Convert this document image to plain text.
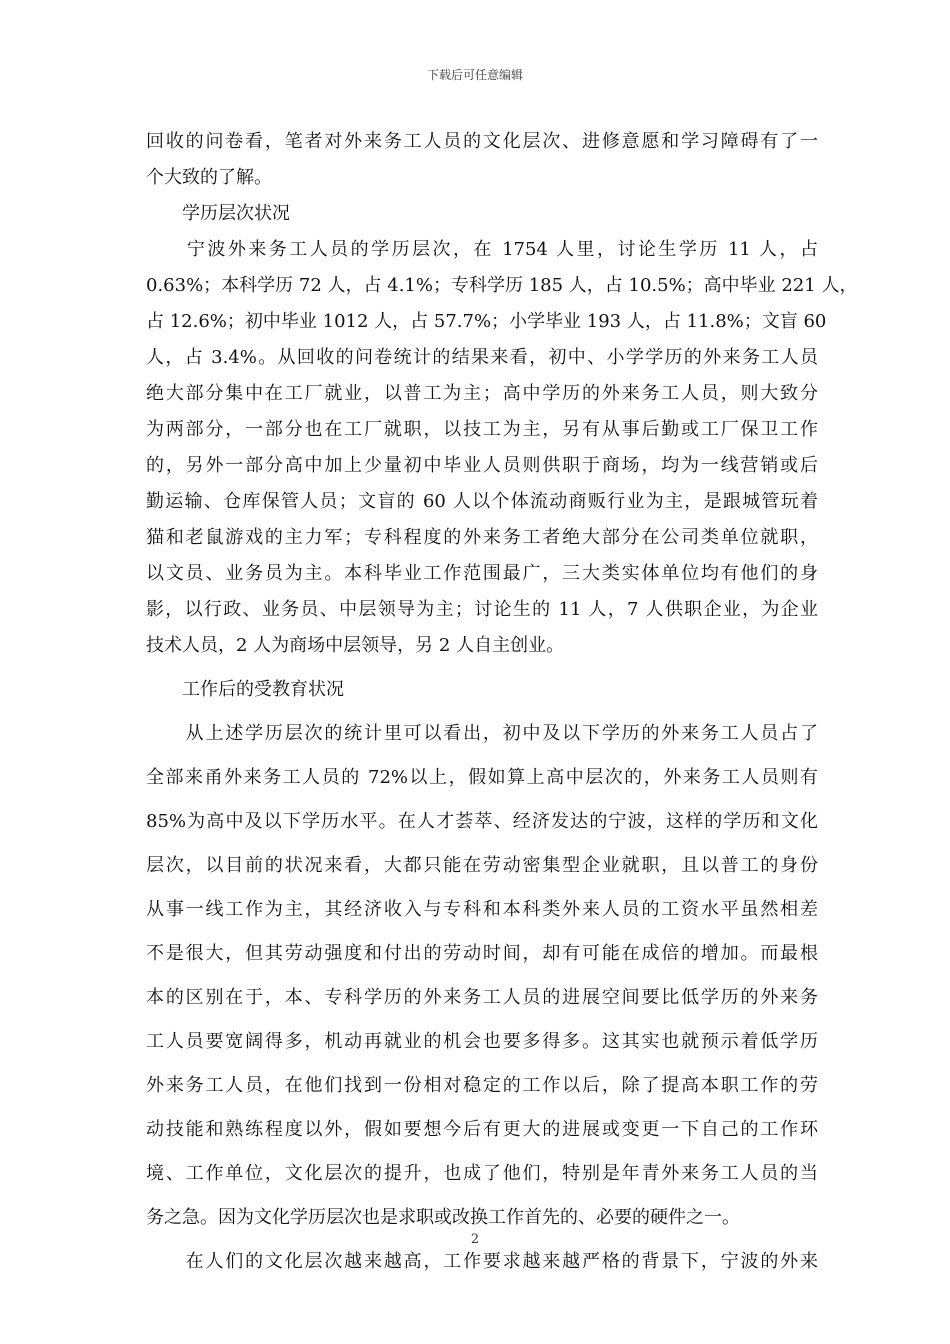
下载后可任意编辑
回收的问卷看，笔者对外来务工人员的文化层次、进修意愿和学习障碍有了一
个大致的了解。
　　学历层次状况
　　宁波外来务工人员的学历层次，在 1754 人里，讨论生学历 11 人，占
0.63%；本科学历 72 人，占 4.1%；专科学历 185 人，占 10.5%；高中毕业 221 人，
占 12.6%；初中毕业 1012 人，占 57.7%；小学毕业 193 人，占 11.8%；文盲 60
人，占 3.4%。从回收的问卷统计的结果来看，初中、小学学历的外来务工人员
绝大部分集中在工厂就业，以普工为主；高中学历的外来务工人员，则大致分
为两部分，一部分也在工厂就职，以技工为主，另有从事后勤或工厂保卫工作
的，另外一部分高中加上少量初中毕业人员则供职于商场，均为一线营销或后
勤运输、仓库保管人员；文盲的 60 人以个体流动商贩行业为主，是跟城管玩着
猫和老鼠游戏的主力军；专科程度的外来务工者绝大部分在公司类单位就职，
以文员、业务员为主。本科毕业工作范围最广，三大类实体单位均有他们的身
影，以行政、业务员、中层领导为主；讨论生的 11 人，7 人供职企业，为企业
技术人员，2 人为商场中层领导，另 2 人自主创业。
　　工作后的受教育状况
　　从上述学历层次的统计里可以看出，初中及以下学历的外来务工人员占了
全部来甬外来务工人员的 72%以上，假如算上高中层次的，外来务工人员则有
85%为高中及以下学历水平。在人才荟萃、经济发达的宁波，这样的学历和文化
层次，以目前的状况来看，大都只能在劳动密集型企业就职，且以普工的身份
从事一线工作为主，其经济收入与专科和本科类外来人员的工资水平虽然相差
不是很大，但其劳动强度和付出的劳动时间，却有可能在成倍的增加。而最根
本的区别在于，本、专科学历的外来务工人员的进展空间要比低学历的外来务
工人员要宽阔得多，机动再就业的机会也要多得多。这其实也就预示着低学历
外来务工人员，在他们找到一份相对稳定的工作以后，除了提高本职工作的劳
动技能和熟练程度以外，假如要想今后有更大的进展或变更一下自己的工作环
境、工作单位，文化层次的提升，也成了他们，特别是年青外来务工人员的当
务之急。因为文化学历层次也是求职或改换工作首先的、必要的硬件之一。
　　在人们的文化层次越来越高，工作要求越来越严格的背景下，宁波的外来
2
